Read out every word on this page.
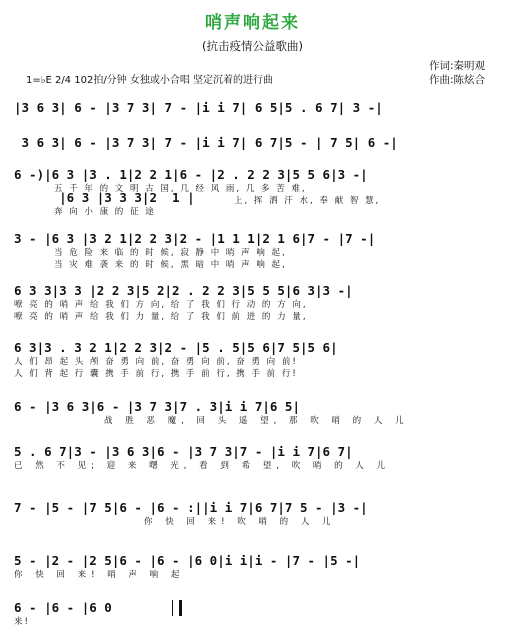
哨声响起来
(抗击疫情公益歌曲)
作词:秦明观
作曲:陈炫合
1=♭E 2/4 102拍/分钟 女独或小合唱 坚定沉着的进行曲
|3 6 3| 6 - |3 7 3| 7 - |i i 7| 6 5|5 . 6 7| 3 -|
3 6 3| 6 - |3 7 3| 7 - |i i 7| 6 7|5 - | 7 5| 6 -|
6 -)|6 3 |3 . 1|2 2 1|6 - |2 . 2 2 3|5 5 6|3 -|
五 千 年 的 文 明 古 国, 几 经 风 雨, 几 多 苦 难,
上, 挥 洒 汗 水, 奉 献 智 慧,
|6 3 |3 3 3|2  1 |
奔 向 小 康 的 征 途
3 - |6 3 |3 2 1|2 2 3|2 - |1 1 1|2 1 6|7 - |7 -|
当 危 险 来 临 的 时 候, 寂 静 中 哨 声 响 起,
当 灾 难 袭 来 的 时 候, 黑 暗 中 哨 声 响 起,
6 3 3|3 3 |2 2 3|5 2|2 . 2 2 3|5 5 5|6 3|3 -|
嘹 亮 的 哨 声 给 我 们 方 向, 给 了 我 们 行 动 的 方 向,
嘹 亮 的 哨 声 给 我 们 力 量, 给 了 我 们 前 进 的 力 量,
6 3|3 . 3 2 1|2 2 3|2 - |5 . 5|5 6|7 5|5 6|
人 们 昂 起 头 颅 奋 勇 向 前, 奋 勇 向 前, 奋 勇 向 前!
人 们 背 起 行 囊 携 手 前 行, 携 手 前 行, 携 手 前 行!
6 - |3 6 3|6 - |3 7 3|7 . 3|i i 7|6 5|
战 胜 恶 魔, 回 头 遥 望, 那 吹 哨 的 人 儿
5 . 6 7|3 - |3 6 3|6 - |3 7 3|7 - |i i 7|6 7|
已 然 不 见; 迎 来 曙 光, 看 到 希 望, 吹 哨 的 人 儿
7 - |5 - |7 5|6 - |6 - :||i i 7|6 7|7 5 - |3 -|
你 快 回 来! 吹 哨 的 人 儿
5 - |2 - |2 5|6 - |6 - |6 0|i i|i - |7 - |5 -|
你 快 回 来! 哨 声 响 起
6 - |6 - |6 0
来!
